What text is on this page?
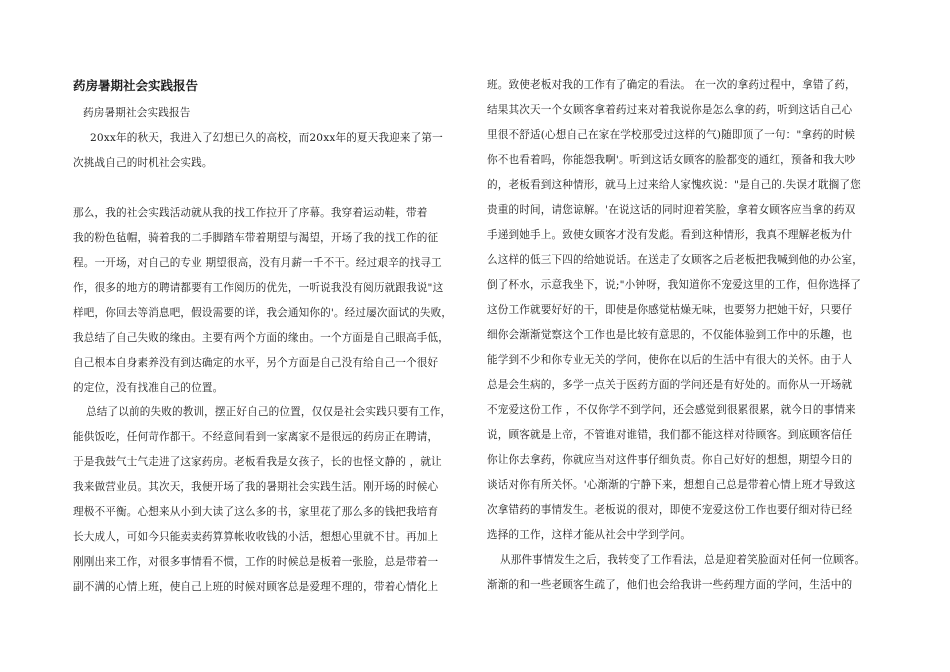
药房暑期社会实践报告
药房暑期社会实践报告
20xx年的秋天，我进入了幻想已久的高校，而20xx年的夏天我迎来了第一
次挑战自己的时机社会实践。
那么，我的社会实践活动就从我的找工作拉开了序幕。我穿着运动鞋，带着
我的粉色毡帽，骑着我的二手脚踏车带着期望与渴望，开场了我的找工作的征
程。一开场，对自己的专业 期望很高，没有月薪一千不干。经过艰辛的找寻工
作，很多的地方的聘请都要有工作阅历的优先，一听说我没有阅历就跟我说"这
样吧，你回去等消息吧，假设需要的详，我会通知你的'。经过屡次面试的失败，
我总结了自己失败的缘由。主要有两个方面的缘由。一个方面是自己眼高手低，
自己根本自身素养没有到达确定的水平，另个方面是自己没有给自己一个很好
的定位，没有找准自己的位置。
总结了以前的失败的教训，摆正好自己的位置，仅仅是社会实践只要有工作，
能供饭吃，任何苛作都干。不经意间看到一家离家不是很远的药房正在聘请，
于是我鼓气士气走进了这家药房。老板看我是女孩子，长的也怪文静的 ，就让
我来做营业员。其次天，我便开场了我的暑期社会实践生活。刚开场的时候心
理极不平衡。心想来从小到大读了这么多的书，家里花了那么多的钱把我培育
长大成人，可如今只能卖卖药算算帐收收钱的小活，想想心里就不甘。再加上
刚刚出来工作，对很多事情看不惯，工作的时候总是板着一张脸，总是带着一
副不满的心情上班，使自己上班的时候对顾客总是爱理不理的，带着心情化上
班。致使老板对我的工作有了确定的看法。 在一次的拿药过程中，拿错了药，
结果其次天一个女顾客拿着药过来对着我说你是怎么拿的药，听到这话自己心
里很不舒适(心想自己在家在学校那受过这样的气)随即顶了一句："拿药的时候
你不也看着吗，你能怨我啊'。听到这话女顾客的脸都变的通红，预备和我大吵
的，老板看到这种情形，就马上过来给人家愧疚说："是自己的.失误才耽搁了您
贵重的时间，请您谅解。'在说这话的同时迎着笑脸，拿着女顾客应当拿的药双
手递到她手上。致使女顾客才没有发彪。看到这种情形，我真不理解老板为什
么这样的低三下四的给她说话。在送走了女顾客之后老板把我喊到他的办公室，
倒了杯水，示意我坐下，说;"小钟呀，我知道你不宠爱这里的工作，但你选择了
这份工作就要好好的干，即使是你感觉枯燥无味，也要努力把她干好，只要仔
细你会渐渐觉察这个工作也是比较有意思的，不仅能体验到工作中的乐趣，也
能学到不少和你专业无关的学问，使你在以后的生活中有很大的关怀。由于人
总是会生病的，多学一点关于医药方面的学问还是有好处的。而你从一开场就
不宠爱这份工作 ，不仅你学不到学问，还会感觉到很累很累，就今日的事情来
说，顾客就是上帝，不管谁对谁错，我们都不能这样对待顾客。到底顾客信任
你让你去拿药，你就应当对这件事仔细负责。你自己好好的想想，期望今日的
谈话对你有所关怀。'心渐渐的宁静下来，想想自己总是带着心情上班才导致这
次拿错药的事情发生。老板说的很对，即使不宠爱这份工作也要仔细对待已经
选择的工作，这样才能从社会中学到学问。
从那件事情发生之后，我转变了工作看法，总是迎着笑脸面对任何一位顾客。
渐渐的和一些老顾客生疏了，他们也会给我讲一些药理方面的学问，生活中的
